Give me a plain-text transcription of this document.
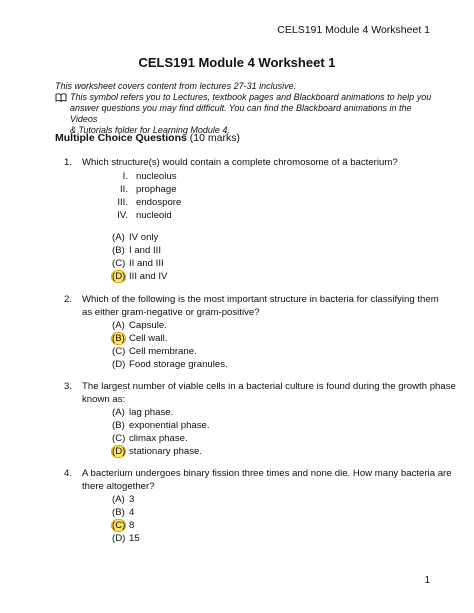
CELS191 Module 4 Worksheet 1
CELS191 Module 4 Worksheet 1
This worksheet covers content from lectures 27-31 inclusive.
This symbol refers you to Lectures, textbook pages and Blackboard animations to help you
answer questions you may find difficult. You can find the Blackboard animations in the Videos
& Tutorials folder for Learning Module 4.
Multiple Choice Questions (10 marks)
1. Which structure(s) would contain a complete chromosome of a bacterium?
I. nucleolus
II. prophage
III. endospore
IV. nucleoid
(A) IV only
(B) I and III
(C) II and III
(D) III and IV
2. Which of the following is the most important structure in bacteria for classifying them
as either gram-negative or gram-positive?
(A) Capsule.
(B) Cell wall.
(C) Cell membrane.
(D) Food storage granules.
3. The largest number of viable cells in a bacterial culture is found during the growth phase
known as:
(A) lag phase.
(B) exponential phase.
(C) climax phase.
(D) stationary phase.
4. A bacterium undergoes binary fission three times and none die. How many bacteria are
there altogether?
(A) 3
(B) 4
(C) 8
(D) 15
1
